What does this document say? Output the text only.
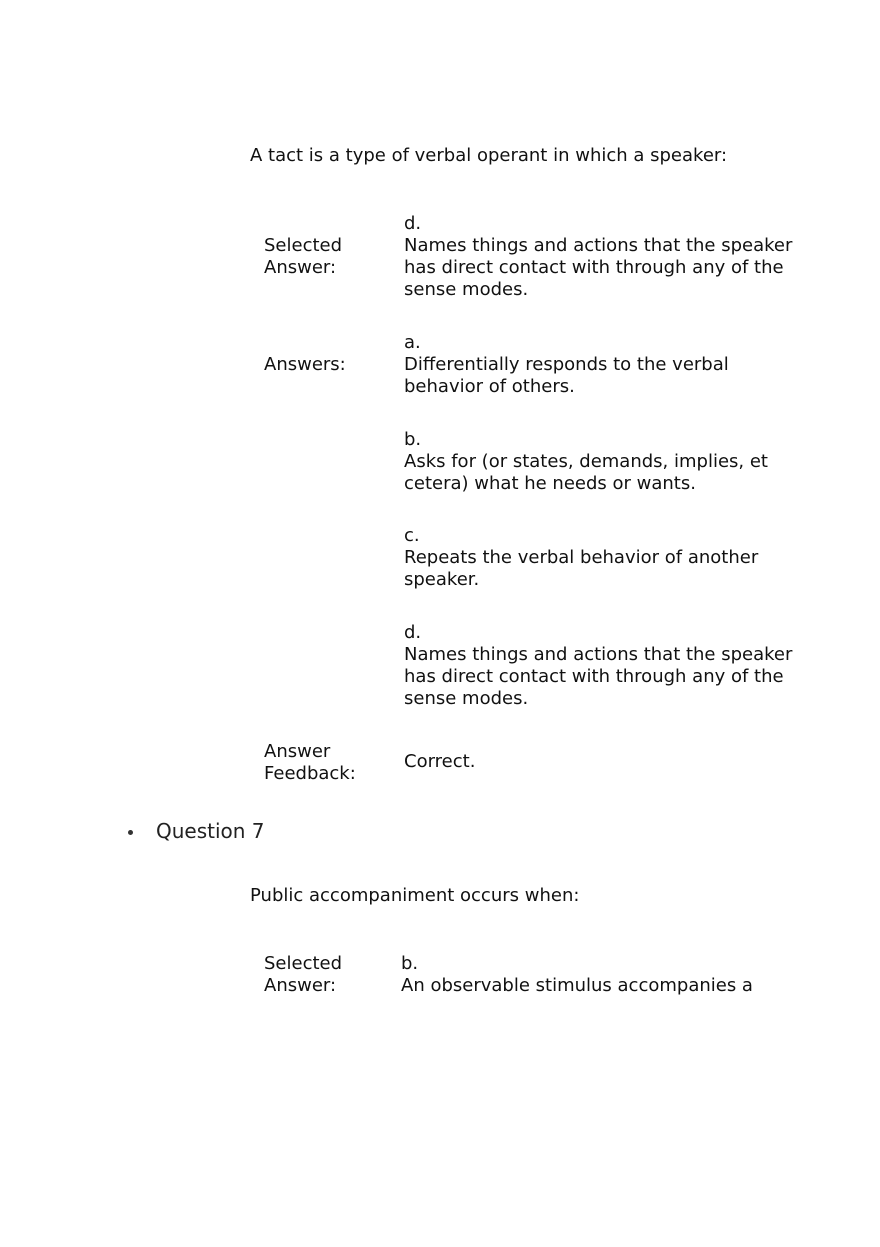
A tact is a type of verbal operant in which a speaker:
Selected Answer:
d.
Names things and actions that the speaker has direct contact with through any of the sense modes.
Answers:
a.
Differentially responds to the verbal behavior of others.
b.
Asks for (or states, demands, implies, et cetera) what he needs or wants.
c.
Repeats the verbal behavior of another speaker.
d.
Names things and actions that the speaker has direct contact with through any of the sense modes.
Answer Feedback:
Correct.
Question 7
Public accompaniment occurs when:
Selected Answer:
b.
An observable stimulus accompanies a
